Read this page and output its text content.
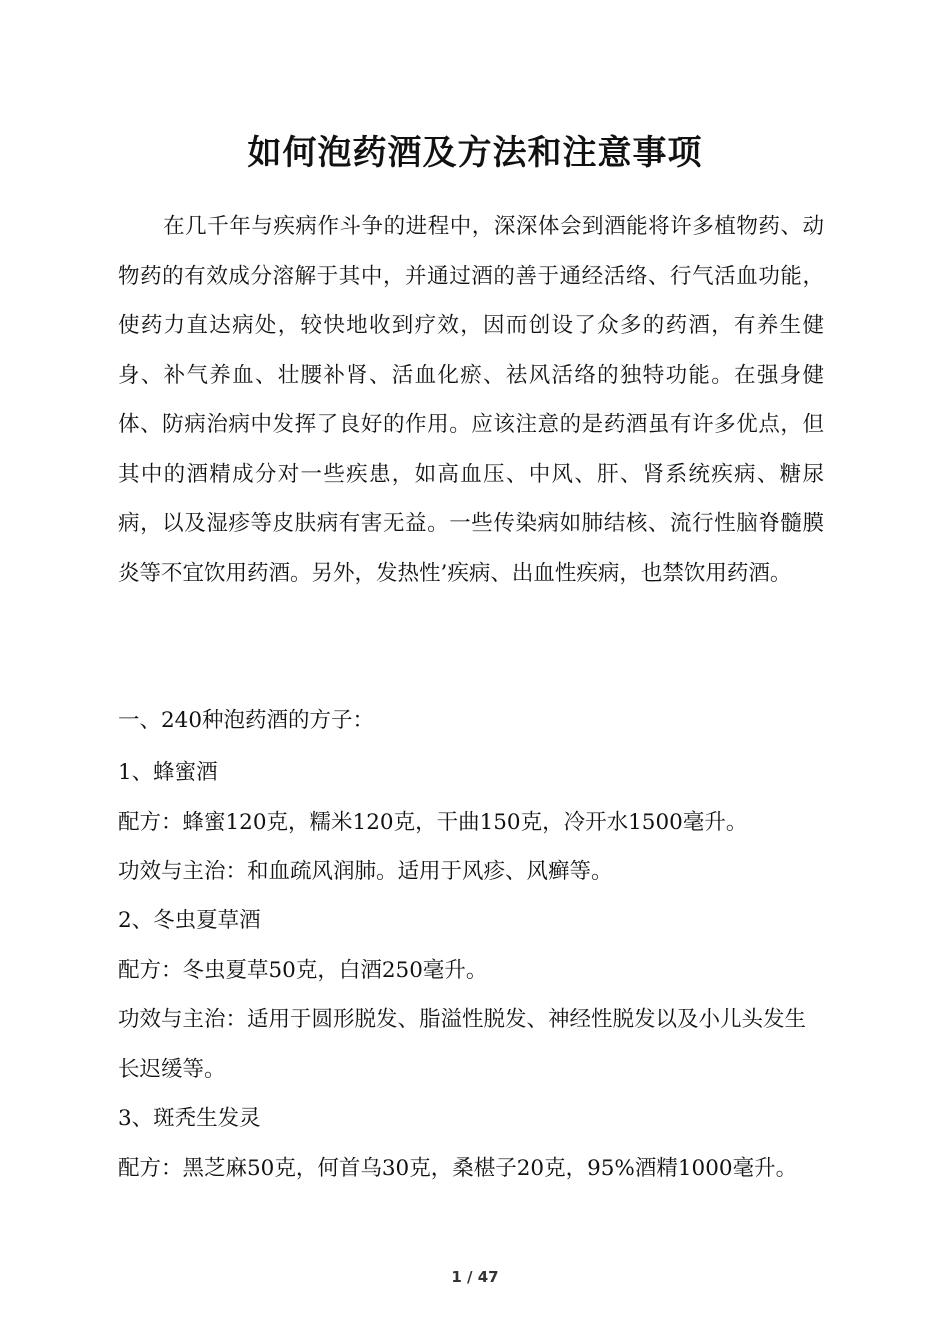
如何泡药酒及方法和注意事项

在几千年与疾病作斗争的进程中，深深体会到酒能将许多植物药、动物药的有效成分溶解于其中，并通过酒的善于通经活络、行气活血功能，使药力直达病处，较快地收到疗效，因而创设了众多的药酒，有养生健身、补气养血、壮腰补肾、活血化瘀、祛风活络的独特功能。在强身健体、防病治病中发挥了良好的作用。应该注意的是药酒虽有许多优点，但其中的酒精成分对一些疾患，如高血压、中风、肝、肾系统疾病、糖尿病，以及湿疹等皮肤病有害无益。一些传染病如肺结核、流行性脑脊髓膜炎等不宜饮用药酒。另外，发热性’疾病、出血性疾病，也禁饮用药酒。

一、240种泡药酒的方子：

1、蜂蜜酒

配方：蜂蜜120克，糯米120克，干曲150克，冷开水1500毫升。

功效与主治：和血疏风润肺。适用于风疹、风癣等。

2、冬虫夏草酒

配方：冬虫夏草50克，白酒250毫升。

功效与主治：适用于圆形脱发、脂溢性脱发、神经性脱发以及小儿头发生长迟缓等。

3、斑秃生发灵

配方：黑芝麻50克，何首乌30克，桑椹子20克，95%酒精1000毫升。

1 / 47
